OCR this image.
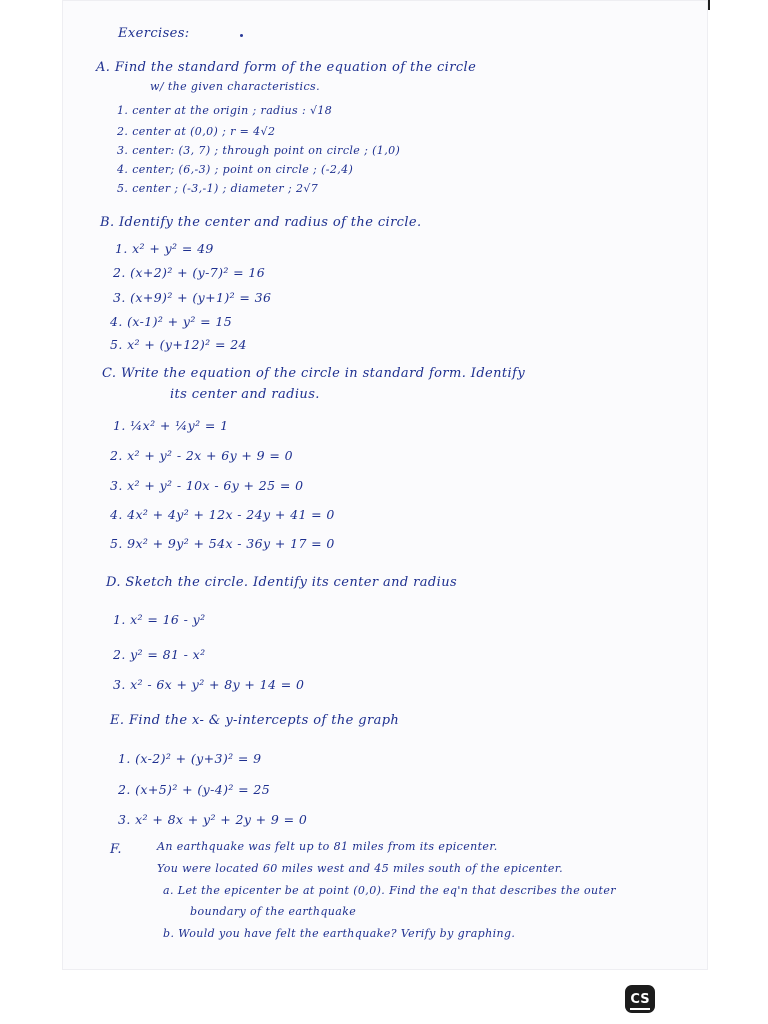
Exercises:
A. Find the standard form of the equation of the circle
w/ the given characteristics.
1. center at the origin ; radius : √18
2. center at (0,0) ; r = 4√2
3. center: (3, 7) ; through point on circle ; (1,0)
4. center; (6,-3) ; point on circle ; (-2,4)
5. center ; (-3,-1) ; diameter ; 2√7
B. Identify the center and radius of the circle.
1. x² + y² = 49
2. (x+2)² + (y-7)² = 16
3. (x+9)² + (y+1)² = 36
4. (x-1)² + y² = 15
5. x² + (y+12)² = 24
C. Write the equation of the circle in standard form. Identify
its center and radius.
1. ¼x² + ¼y² = 1
2. x² + y² - 2x + 6y + 9 = 0
3. x² + y² - 10x - 6y + 25 = 0
4. 4x² + 4y² + 12x - 24y + 41 = 0
5. 9x² + 9y² + 54x - 36y + 17 = 0
D. Sketch the circle. Identify its center and radius
1. x² = 16 - y²
2. y² = 81 - x²
3. x² - 6x + y² + 8y + 14 = 0
E. Find the x- & y-intercepts of the graph
1. (x-2)² + (y+3)² = 9
2. (x+5)² + (y-4)² = 25
3. x² + 8x + y² + 2y + 9 = 0
F.	An earthquake was felt up to 81 miles from its epicenter.
You were located 60 miles west and 45 miles south of the epicenter.
a. Let the epicenter be at point (0,0). Find the eq'n that describes the outer
boundary of the earthquake
b. Would you have felt the earthquake? Verify by graphing.
CS
